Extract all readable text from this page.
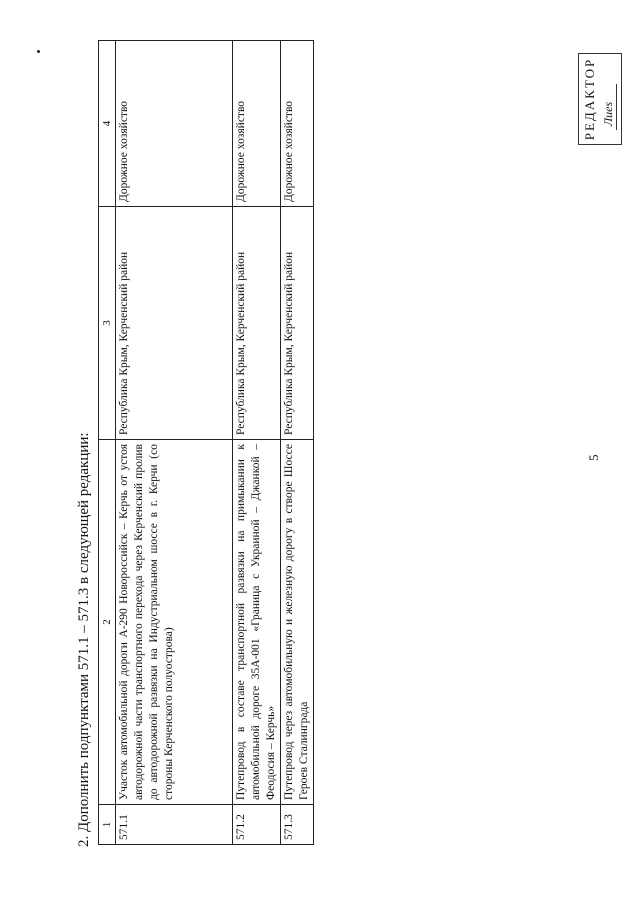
5
2. Дополнить подпунктами 571.1 – 571.3 в следующей редакции: 1	2	3	4
571.1	Участок автомобильной дороги А-290 Новороссийск – Керчь от устоя автодорожной части транспортного перехода через Керченский пролив до автодорожной развязки на Индустриальном шоссе в г. Керчи (со стороны Керченского полуострова)	Республика Крым, Керченский район	Дорожное хозяйство
571.2	Путепровод в составе транспортной развязки на примыкании к автомобильной дороге 35А-001 «Граница с Украиной – Джанкой – Феодосия – Керчь»	Республика Крым, Керченский район	Дорожное хозяйство
571.3	Путепровод через автомобильную и железную дорогу в створе Шоссе Героев Сталинграда	Республика Крым, Керченский район	Дорожное хозяйство
РЕДАКТОР Лиеs
